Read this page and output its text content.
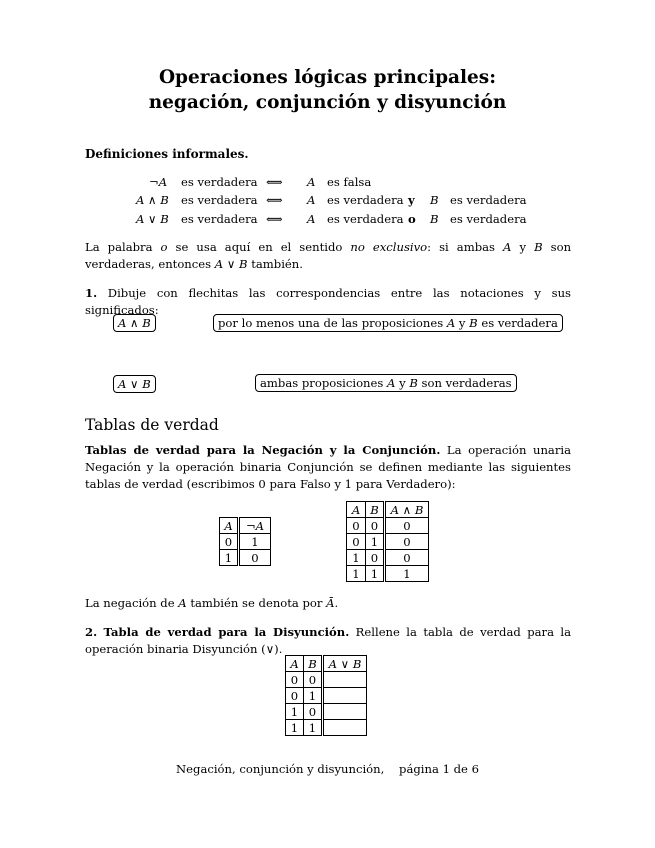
Operaciones lógicas principales:
negación, conjunción y disyunción
Definiciones informales.
¬A es verdadera ⟺ A es falsa
A ∧ B es verdadera ⟺ A es verdadera y B es verdadera
A ∨ B es verdadera ⟺ A es verdadera o B es verdadera
La palabra o se usa aquí en el sentido no exclusivo: si ambas A y B son verdaderas, entonces A ∨ B también.
1. Dibuje con flechitas las correspondencias entre las notaciones y sus significados:
A ∧ B	por lo menos una de las proposiciones A y B es verdadera
A ∨ B	ambas proposiciones A y B son verdaderas
Tablas de verdad
Tablas de verdad para la Negación y la Conjunción. La operación unaria Negación y la operación binaria Conjunción se definen mediante las siguientes tablas de verdad (escribimos 0 para Falso y 1 para Verdadero):
A	¬A
0	1
1	0
A	B	A ∧ B
0	0	0
0	1	0
1	0	0
1	1	1
La negación de A también se denota por Ā.
2. Tabla de verdad para la Disyunción. Rellene la tabla de verdad para la operación binaria Disyunción (∨).
A	B	A ∨ B
0	0	
0	1	
1	0	
1	1	
Negación, conjunción y disyunción,    página 1 de 6
